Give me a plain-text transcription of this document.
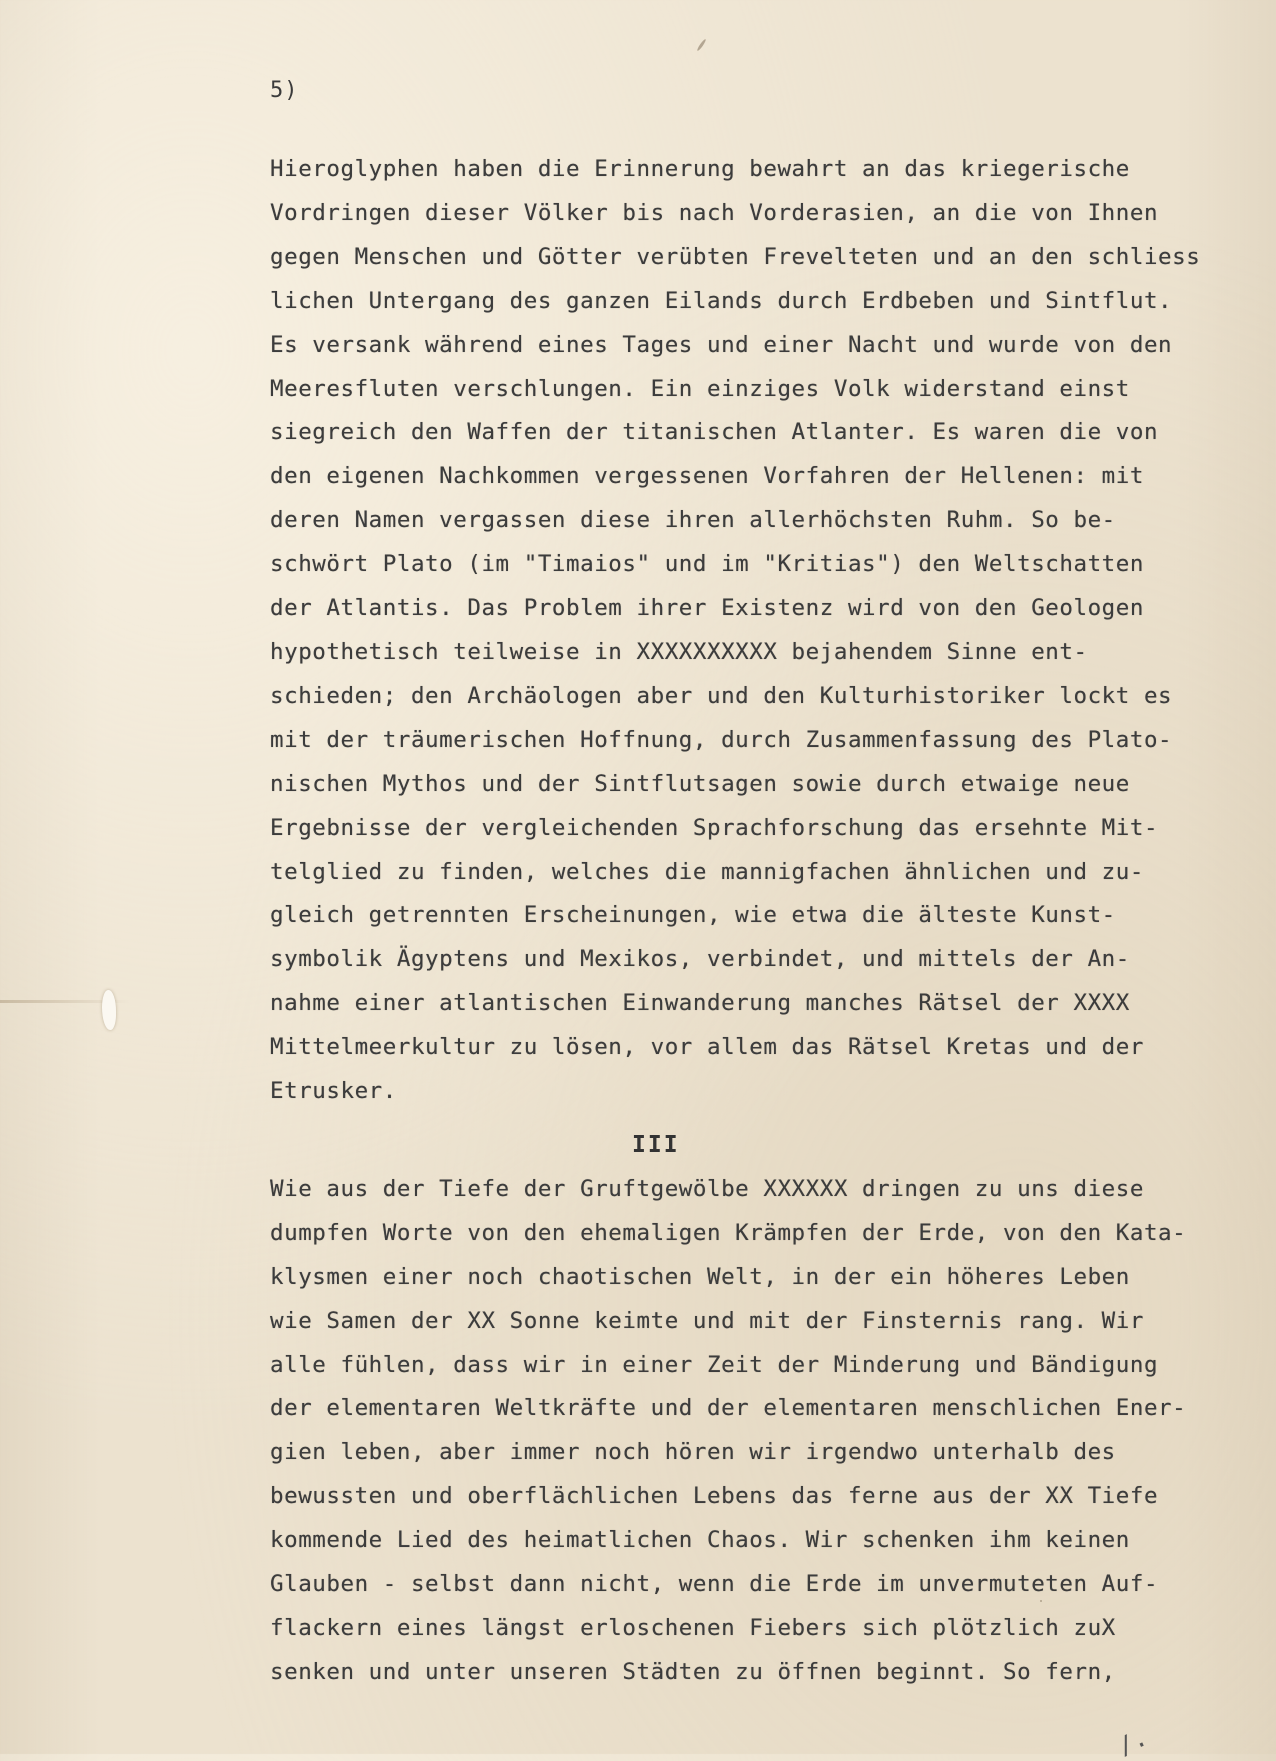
5)
Hieroglyphen haben die Erinnerung bewahrt an das kriegerische
Vordringen dieser Völker bis nach Vorderasien, an die von Ihnen
gegen Menschen und Götter verübten Frevelteten und an den schliess
lichen Untergang des ganzen Eilands durch Erdbeben und Sintflut.
Es versank während eines Tages und einer Nacht und wurde von den
Meeresfluten verschlungen. Ein einziges Volk widerstand einst
siegreich den Waffen der titanischen Atlanter. Es waren die von
den eigenen Nachkommen vergessenen Vorfahren der Hellenen: mit
deren Namen vergassen diese ihren allerhöchsten Ruhm. So be-
schwört Plato (im "Timaios" und im "Kritias") den Weltschatten
der Atlantis. Das Problem ihrer Existenz wird von den Geologen
hypothetisch teilweise in XXXXXXXXXX bejahendem Sinne ent-
schieden; den Archäologen aber und den Kulturhistoriker lockt es
mit der träumerischen Hoffnung, durch Zusammenfassung des Plato-
nischen Mythos und der Sintflutsagen sowie durch etwaige neue
Ergebnisse der vergleichenden Sprachforschung das ersehnte Mit-
telglied zu finden, welches die mannigfachen ähnlichen und zu-
gleich getrennten Erscheinungen, wie etwa die älteste Kunst-
symbolik Ägyptens und Mexikos, verbindet, und mittels der An-
nahme einer atlantischen Einwanderung manches Rätsel der XXXX
Mittelmeerkultur zu lösen, vor allem das Rätsel Kretas und der
Etrusker.
III
Wie aus der Tiefe der Gruftgewölbe XXXXXX dringen zu uns diese
dumpfen Worte von den ehemaligen Krämpfen der Erde, von den Kata-
klysmen einer noch chaotischen Welt, in der ein höheres Leben
wie Samen der XX Sonne keimte und mit der Finsternis rang. Wir
alle fühlen, dass wir in einer Zeit der Minderung und Bändigung
der elementaren Weltkräfte und der elementaren menschlichen Ener-
gien leben, aber immer noch hören wir irgendwo unterhalb des
bewussten und oberflächlichen Lebens das ferne aus der XX Tiefe
kommende Lied des heimatlichen Chaos. Wir schenken ihm keinen
Glauben - selbst dann nicht, wenn die Erde im unvermuteten Auf-
flackern eines längst erloschenen Fiebers sich plötzlich zuX
senken und unter unseren Städten zu öffnen beginnt. So fern,
/.
